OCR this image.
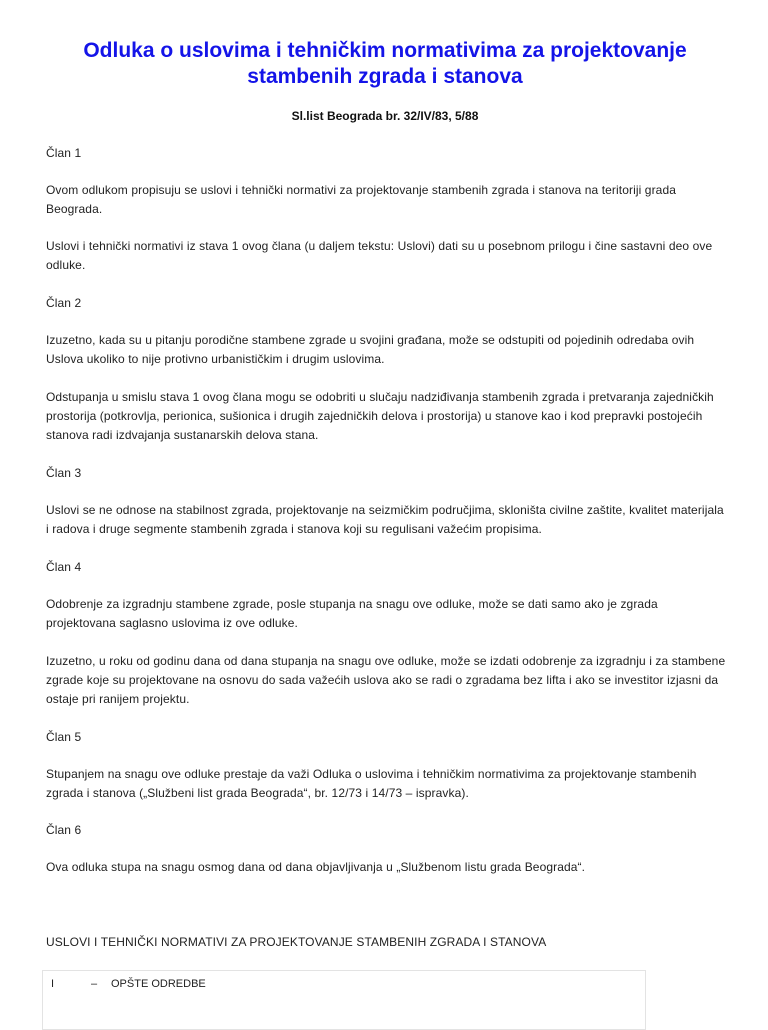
Odluka o uslovima i tehničkim normativima za projektovanje stambenih zgrada i stanova

Sl.list Beograda br. 32/IV/83, 5/88

Član 1

Ovom odlukom propisuju se uslovi i tehnički normativi za projektovanje stambenih zgrada i stanova na teritoriji grada Beograda.

Uslovi i tehnički normativi iz stava 1 ovog člana (u daljem tekstu: Uslovi) dati su u posebnom prilogu i čine sastavni deo ove odluke.

Član 2

Izuzetno, kada su u pitanju porodične stambene zgrade u svojini građana, može se odstupiti od pojedinih odredaba ovih Uslova ukoliko to nije protivno urbanističkim i drugim uslovima.

Odstupanja u smislu stava 1 ovog člana mogu se odobriti u slučaju nadziđivanja stambenih zgrada i pretvaranja zajedničkih prostorija (potkrovlja, perionica, sušionica i drugih zajedničkih delova i prostorija) u stanove kao i kod prepravki postojećih stanova radi izdvajanja sustanarskih delova stana.

Član 3

Uslovi se ne odnose na stabilnost zgrada, projektovanje na seizmičkim područjima, skloništa civilne zaštite, kvalitet materijala i radova i druge segmente stambenih zgrada i stanova koji su regulisani važećim propisima.

Član 4

Odobrenje za izgradnju stambene zgrade, posle stupanja na snagu ove odluke, može se dati samo ako je zgrada projektovana saglasno uslovima iz ove odluke.

Izuzetno, u roku od godinu dana od dana stupanja na snagu ove odluke, može se izdati odobrenje za izgradnju i za stambene zgrade koje su projektovane na osnovu do sada važećih uslova ako se radi o zgradama bez lifta i ako se investitor izjasni da ostaje pri ranijem projektu.

Član 5

Stupanjem na snagu ove odluke prestaje da važi Odluka o uslovima i tehničkim normativima za projektovanje stambenih zgrada i stanova („Službeni list grada Beograda“, br. 12/73 i 14/73 – ispravka).

Član 6

Ova odluka stupa na snagu osmog dana od dana objavljivanja u „Službenom listu grada Beograda“.

USLOVI I TEHNIČKI NORMATIVI ZA PROJEKTOVANJE STAMBENIH ZGRADA I STANOVA

I	– OPŠTE ODREDBE
